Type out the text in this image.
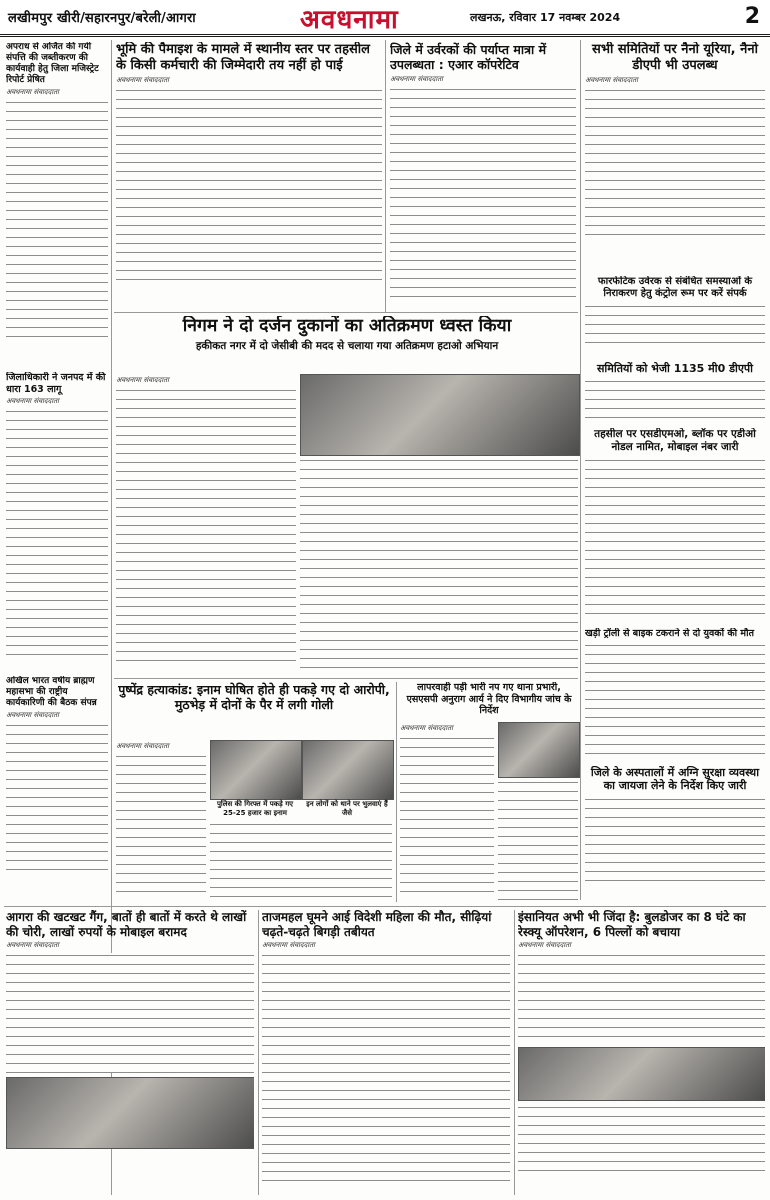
लखीमपुर खीरी/सहारनपुर/बरेली/आगरा	अवधनामा	लखनऊ, रविवार 17 नवम्बर 2024	2
अपराध से अर्जित की गयी संपत्ति की जब्तीकरण की कार्यवाही हेतु जिला मजिस्ट्रेट रिपोर्ट प्रेषित
अवधनामा संवाददाता
भूमि की पैमाइश के मामले में स्थानीय स्तर पर तहसील के किसी कर्मचारी की जिम्मेदारी तय नहीं हो पाई
अवधनामा संवाददाता
जिले में उर्वरकों की पर्याप्त मात्रा में उपलब्धता : एआर कॉपरेटिव
अवधनामा संवाददाता
सभी समितियों पर नैनो यूरिया, नैनो डीएपी भी उपलब्ध
अवधनामा संवाददाता
निगम ने दो दर्जन दुकानों का अतिक्रमण ध्वस्त किया
हकीकत नगर में दो जेसीबी की मदद से चलाया गया अतिक्रमण हटाओ अभियान
अवधनामा संवाददाता
जिलाधिकारी ने जनपद में की धारा 163 लागू
अवधनामा संवाददाता
फारफेटिक उर्वरक से संबंधित समस्याओं के निराकरण हेतु कंट्रोल रूम पर करें संपर्क
समितियों को भेजी 1135 मी0 डीएपी
तहसील पर एसडीएमओ, ब्लॉक पर एडीओ नोडल नामित, मोबाइल नंबर जारी
खड़ी ट्रॉली से बाइक टकराने से दो युवकों की मौत
जिले के अस्पतालों में अग्नि सुरक्षा व्यवस्था का जायजा लेने के निर्देश किए जारी
अखिल भारत वर्षीय ब्राह्मण महासभा की राष्ट्रीय कार्यकारिणी की बैठक संपन्न
अवधनामा संवाददाता
पुष्पेंद्र हत्याकांड: इनाम घोषित होते ही पकड़े गए दो आरोपी, मुठभेड़ में दोनों के पैर में लगी गोली
अवधनामा संवाददाता
पुलिस की गिरफ्त में पकड़े गए 25-25 हजार का इनाम
इन लोगों को थाने पर भुलवाएं हैं जैसे
लापरवाही पड़ी भारी नप गए थाना प्रभारी, एसएसपी अनुराग आर्य ने दिए विभागीय जांच के निर्देश
अवधनामा संवाददाता
आगरा की खटखट गैंग, बातों ही बातों में करते थे लाखों की चोरी, लाखों रुपयों के मोबाइल बरामद
अवधनामा संवाददाता
ताजमहल घूमने आई विदेशी महिला की मौत, सीढ़ियां चढ़ते-चढ़ते बिगड़ी तबीयत
अवधनामा संवाददाता
इंसानियत अभी भी जिंदा है: बुलडोजर का 8 घंटे का रेस्क्यू ऑपरेशन, 6 पिल्लों को बचाया
अवधनामा संवाददाता
